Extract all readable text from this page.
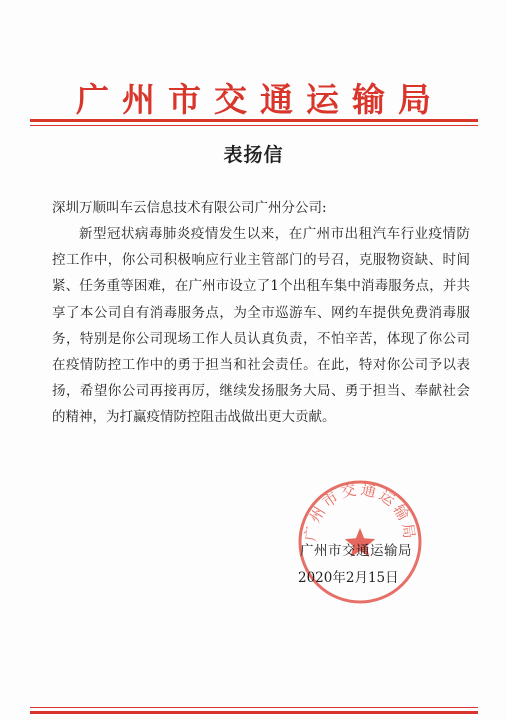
广州市交通运输局
表扬信
深圳万顺叫车云信息技术有限公司广州分公司:

新型冠状病毒肺炎疫情发生以来，在广州市出租汽车行业疫情防控工作中，你公司积极响应行业主管部门的号召，克服物资缺、时间紧、任务重等困难，在广州市设立了1个出租车集中消毒服务点，并共享了本公司自有消毒服务点，为全市巡游车、网约车提供免费消毒服务，特别是你公司现场工作人员认真负责，不怕辛苦，体现了你公司在疫情防控工作中的勇于担当和社会责任。在此，特对你公司予以表扬，希望你公司再接再厉，继续发扬服务大局、勇于担当、奉献社会的精神，为打赢疫情防控阻击战做出更大贡献。

广州市交通运输局
广州市交通运输局
2020年2月15日
